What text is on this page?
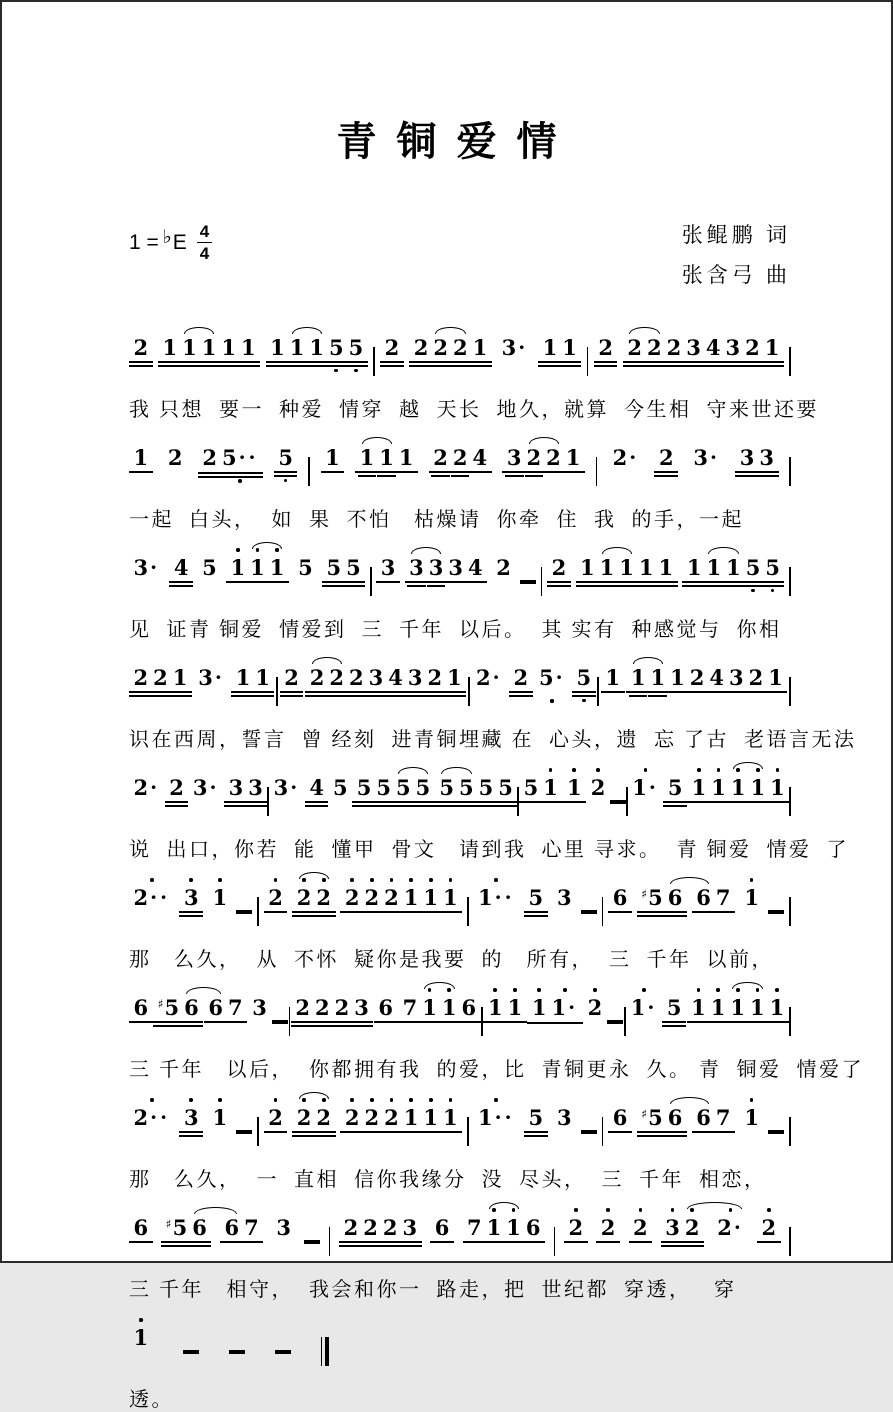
青铜爱情
1 = ♭ E $\frac{4}{4}$	张鲲鹏 词
张含弓 曲
2 1 1 1 1 1 1 1 1 5 5 2 2 2 2 1 3 · 1 1 2 2 2 2 3 4 3 2 1
我 只想  要一  种爱  情穿  越  天长  地久，就算  今生相  守来世还要
1 2 2 5 ·· 5 1 1 1 1 2 2 4 3 2 2 1 2 · 2 3 · 3 3
一起  白头，  如  果  不怕   枯燥请  你牵  住  我  的手，一起
3 · 4 5 1 1 1 5 5 5 3 3 3 3 4 2 2 1 1 1 1 1 1 1 1 5 5
见  证青 铜爱  情爱到  三  千年  以后。  其 实有  种感觉与  你相
2 2 1 3 · 1 1 2 2 2 2 3 4 3 2 1 2 · 2 5 · 5 1 1 1 1 2 4 3 2 1
识在西周，誓言  曾 经刻  进青铜埋藏 在  心头，遗  忘 了古  老语言无法
2 · 2 3 · 3 3 3 · 4 5 5 5 5 5 5 5 5 5 5 1 1 2 1 · 5 1 1 1 1 1
说  出口，你若  能  懂甲  骨文   请到我  心里 寻求。  青 铜爱  情爱  了
2 ·· 3 1 2 2 2 2 2 2 1 1 1 1 ·· 5 3 6 ♯5 6 6 7 1
那   么久，  从  不怀  疑你是我要  的   所有，  三  千年  以前，
6 ♯5 6 6 7 3 2 2 2 3 6 7 1 1 6 1 1 1 1 · 2 1 · 5 1 1 1 1 1
三 千年   以后，  你都拥有我  的爱，比  青铜更永  久。 青  铜爱  情爱了
2 ·· 3 1 2 2 2 2 2 2 1 1 1 1 ·· 5 3 6 ♯5 6 6 7 1
那   么久，  一  直相  信你我缘分  没  尽头，  三  千年  相恋，
6 ♯5 6 6 7 3	2 2 2 3 6 7 1 1 6 2 2 2 3 2 2 · 2
三 千年   相守，  我会和你一  路走，把  世纪都  穿透，   穿
1
透。
